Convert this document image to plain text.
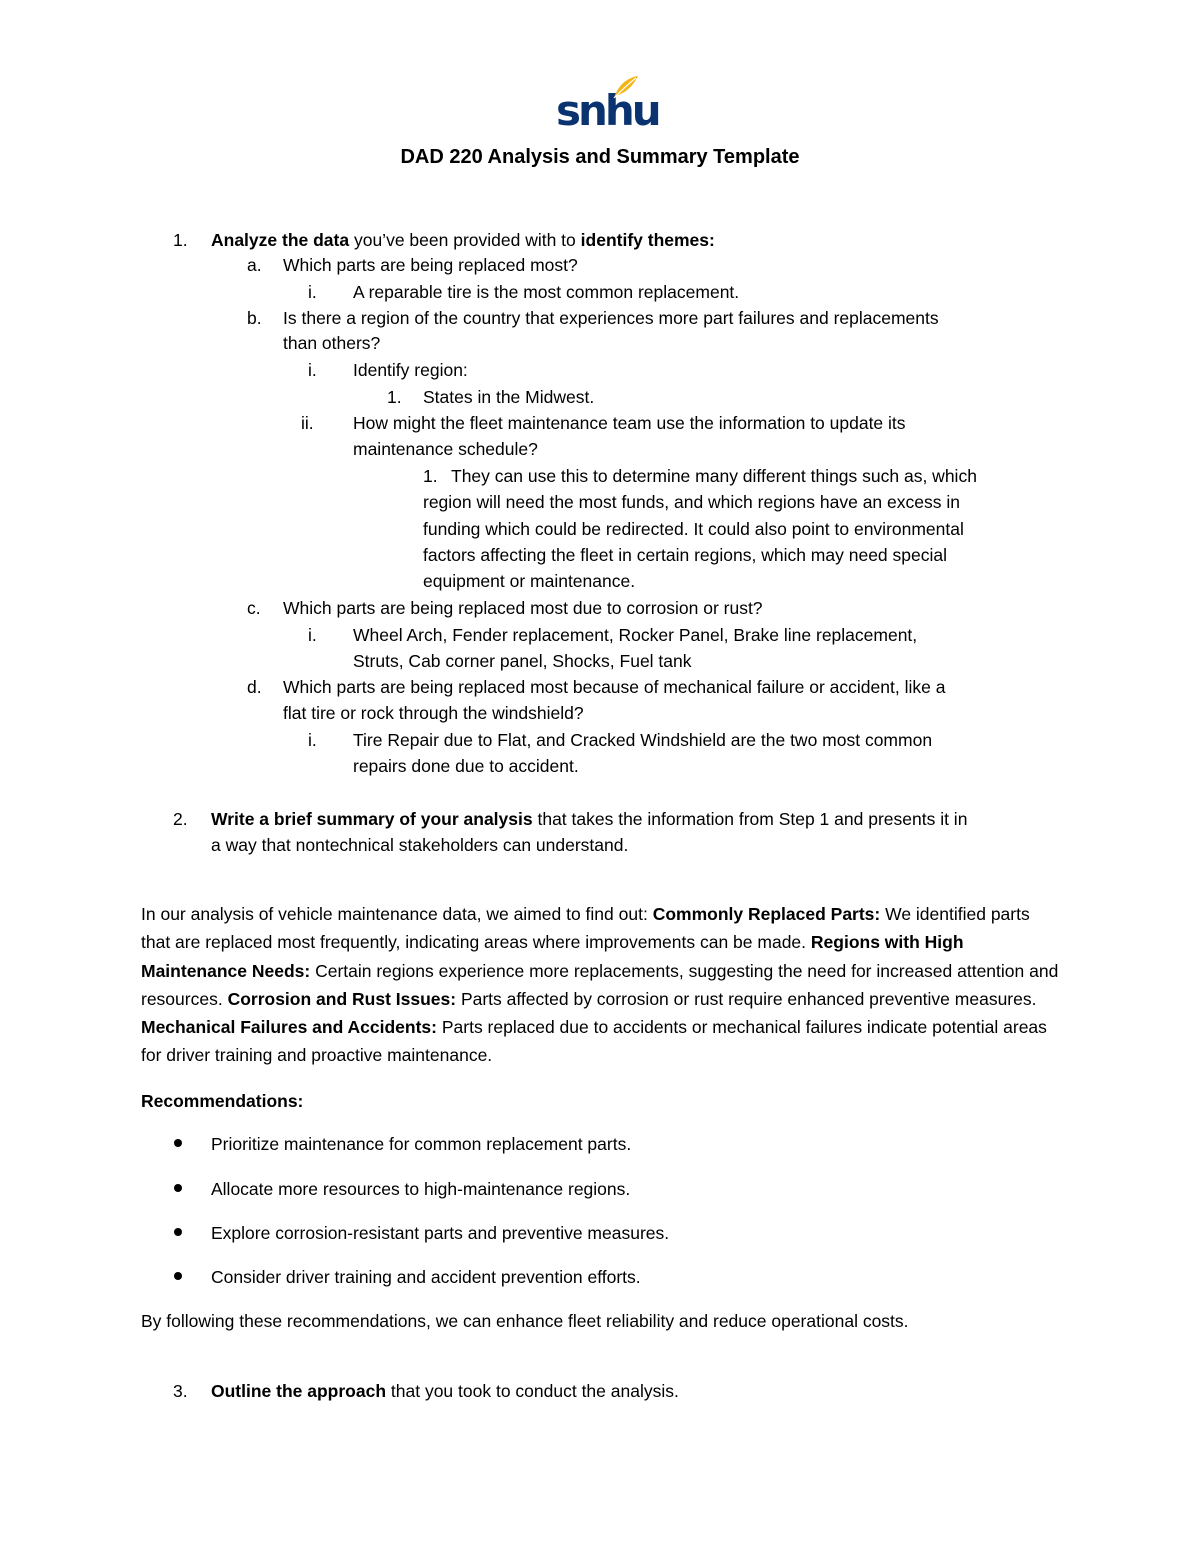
snhu
DAD 220 Analysis and Summary Template
1. Analyze the data you’ve been provided with to identify themes:
a. Which parts are being replaced most?
i. A reparable tire is the most common replacement.
b. Is there a region of the country that experiences more part failures and replacements
than others?
i. Identify region:
1. States in the Midwest.
ii. How might the fleet maintenance team use the information to update its
maintenance schedule?
1. They can use this to determine many different things such as, which
region will need the most funds, and which regions have an excess in
funding which could be redirected. It could also point to environmental
factors affecting the fleet in certain regions, which may need special
equipment or maintenance.
c. Which parts are being replaced most due to corrosion or rust?
i. Wheel Arch, Fender replacement, Rocker Panel, Brake line replacement,
Struts, Cab corner panel, Shocks, Fuel tank
d. Which parts are being replaced most because of mechanical failure or accident, like a
flat tire or rock through the windshield?
i. Tire Repair due to Flat, and Cracked Windshield are the two most common
repairs done due to accident.
2. Write a brief summary of your analysis that takes the information from Step 1 and presents it in
a way that nontechnical stakeholders can understand.
In our analysis of vehicle maintenance data, we aimed to find out: Commonly Replaced Parts: We identified parts that are replaced most frequently, indicating areas where improvements can be made. Regions with High Maintenance Needs: Certain regions experience more replacements, suggesting the need for increased attention and resources. Corrosion and Rust Issues: Parts affected by corrosion or rust require enhanced preventive measures. Mechanical Failures and Accidents: Parts replaced due to accidents or mechanical failures indicate potential areas for driver training and proactive maintenance.
Recommendations:
Prioritize maintenance for common replacement parts.
Allocate more resources to high-maintenance regions.
Explore corrosion-resistant parts and preventive measures.
Consider driver training and accident prevention efforts.
By following these recommendations, we can enhance fleet reliability and reduce operational costs.
3. Outline the approach that you took to conduct the analysis.
